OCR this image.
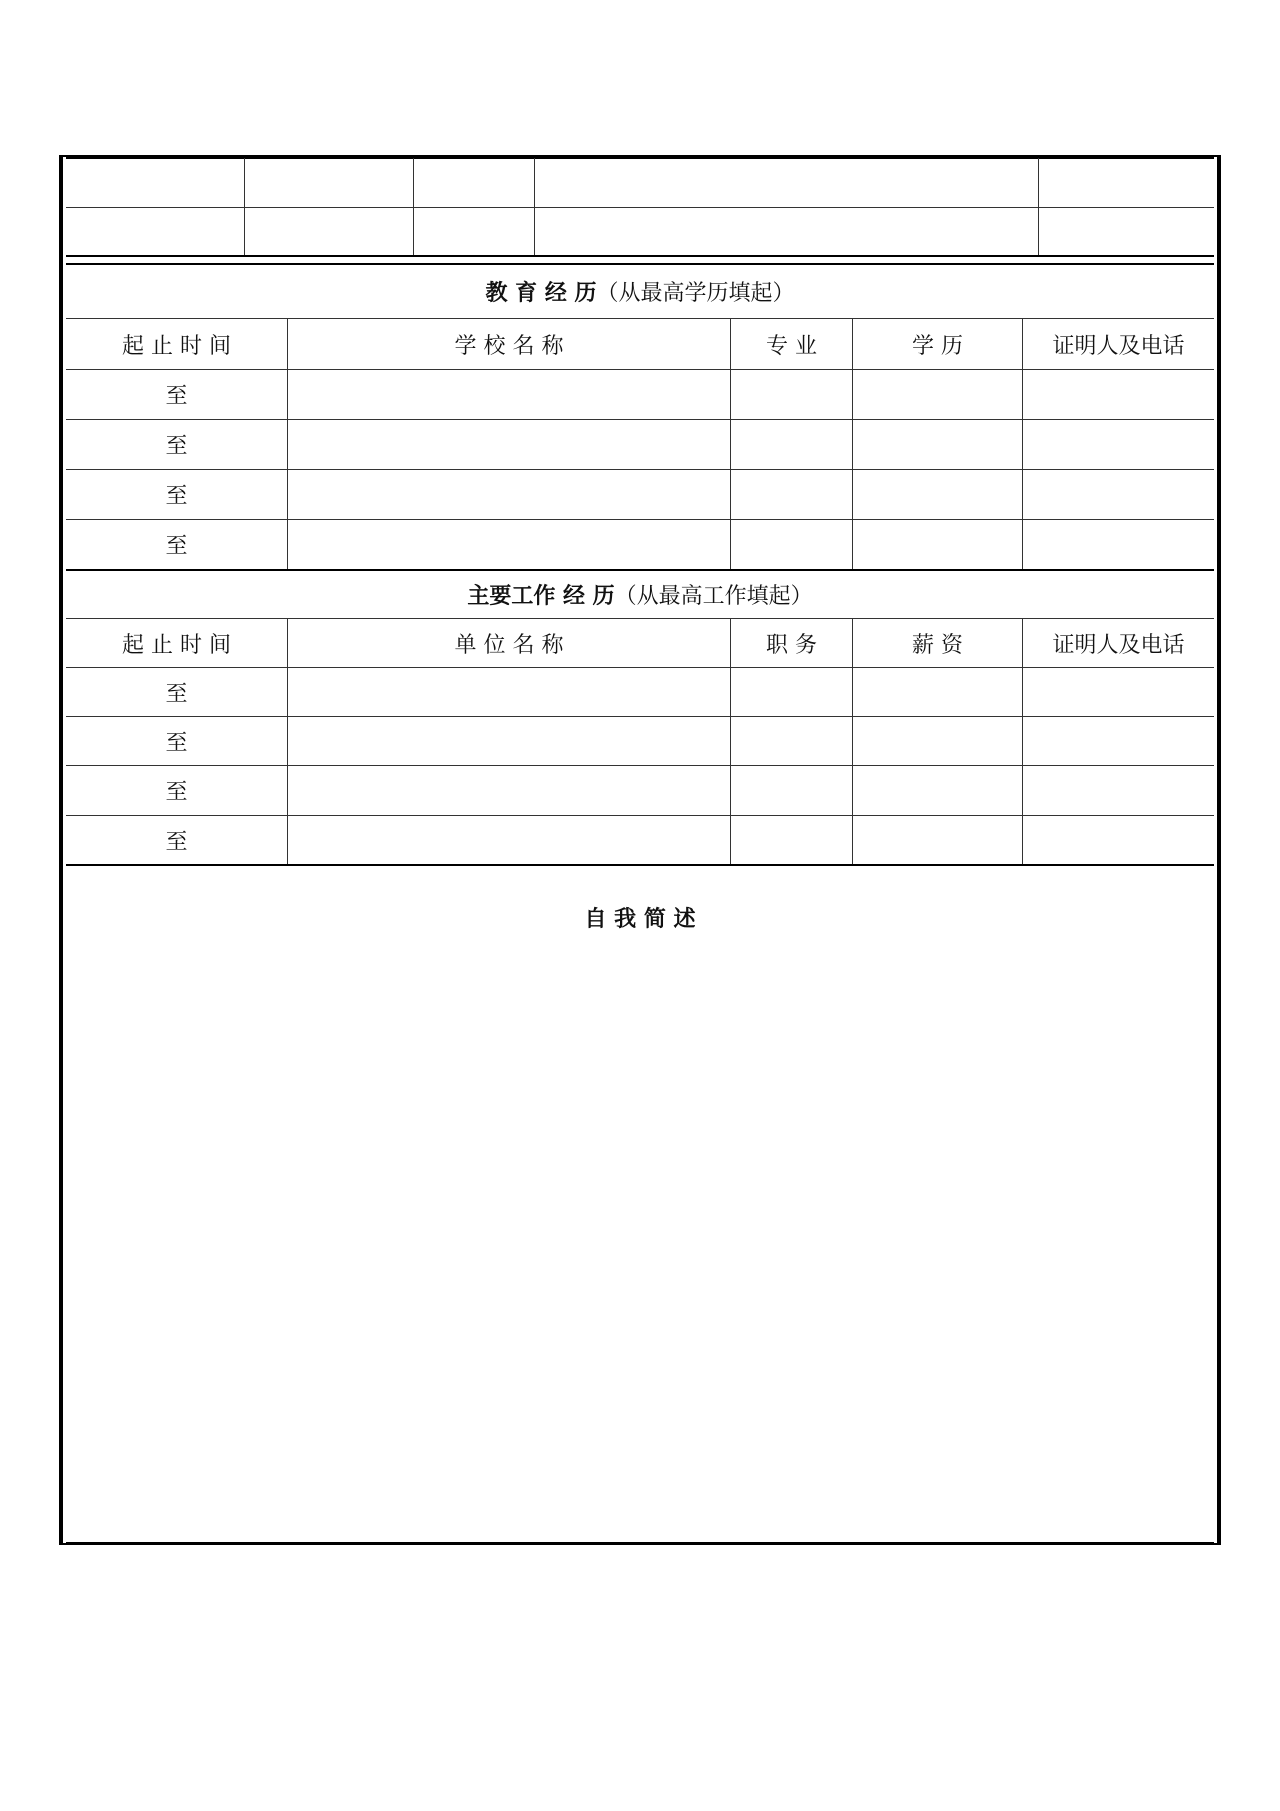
教 育 经 历 （从最高学历填起）
起 止 时 间	学 校 名 称	专 业	学 历	证明人及电话
至
至
至
至
主要工作 经 历 （从最高工作填起）
起 止 时 间	单 位 名 称	职 务	薪 资	证明人及电话
至
至
至
至
自 我 简 述
